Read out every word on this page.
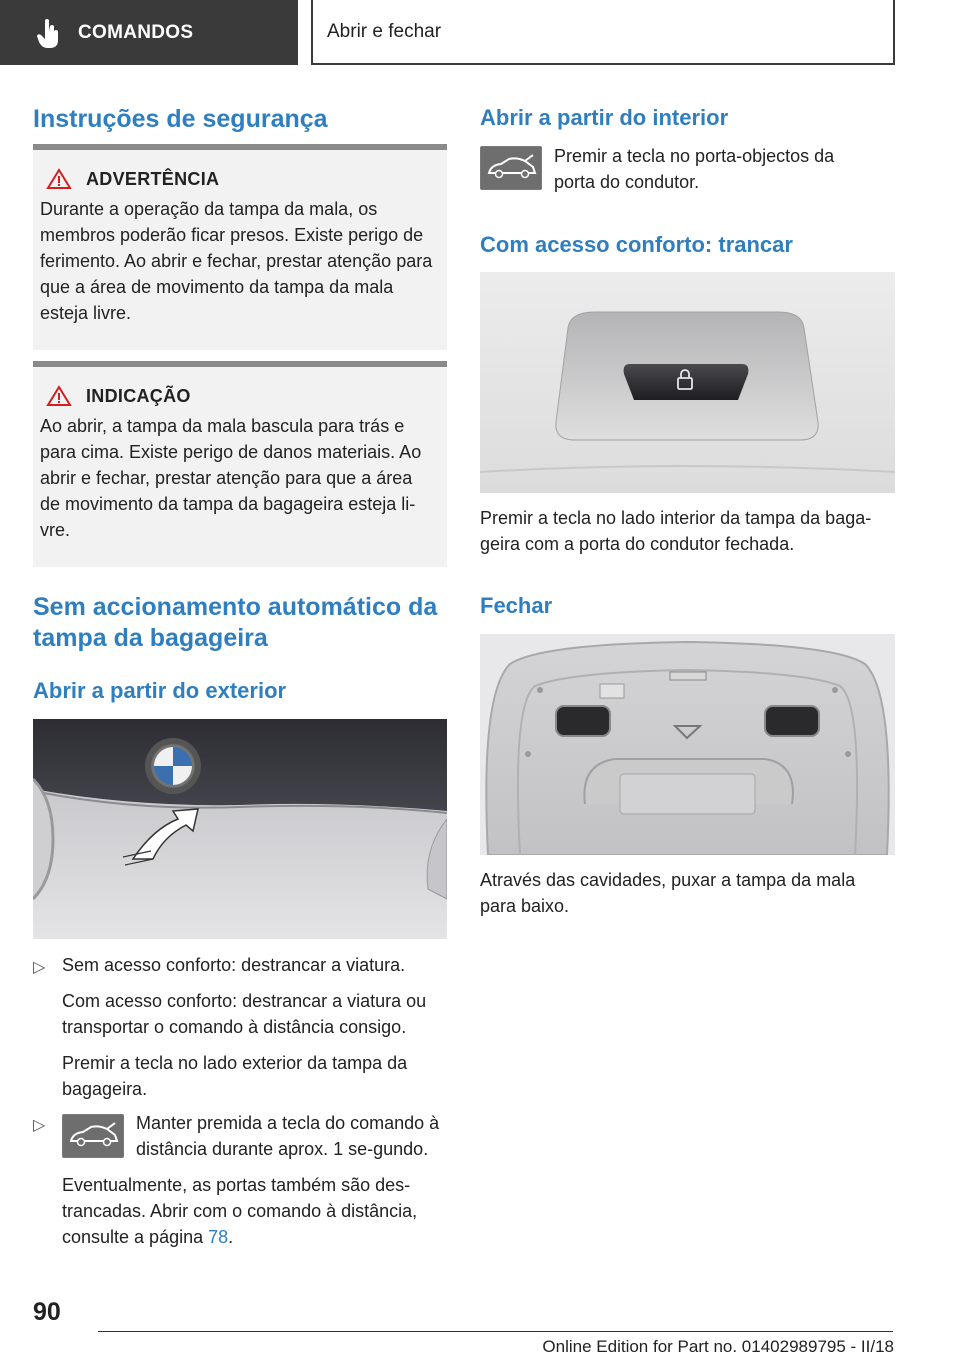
COMANDOS	Abrir e fechar
Instruções de segurança
ADVERTÊNCIA

Durante a operação da tampa da mala, os membros poderão ficar presos. Existe perigo de ferimento. Ao abrir e fechar, prestar atenção para que a área de movimento da tampa da mala esteja livre.

INDICAÇÃO

Ao abrir, a tampa da mala bascula para trás e para cima. Existe perigo de danos materiais. Ao abrir e fechar, prestar atenção para que a área de movimento da tampa da bagageira esteja li-vre.

Sem accionamento automático da tampa da bagageira
Abrir a partir do exterior
▷ Sem acesso conforto: destrancar a viatura.

Com acesso conforto: destrancar a viatura ou transportar o comando à distância consigo.

Premir a tecla no lado exterior da tampa da bagageira.

▷	Manter premida a tecla do comando à distância durante aprox. 1 se-gundo.

Eventualmente, as portas também são des-trancadas. Abrir com o comando à distância, consulte a página 78.

Abrir a partir do interior

Premir a tecla no porta-objectos da porta do condutor.

Com acesso conforto: trancar

Premir a tecla no lado interior da tampa da baga-geira com a porta do condutor fechada.

Fechar

Através das cavidades, puxar a tampa da mala para baixo.

90
Online Edition for Part no. 01402989795 - II/18
